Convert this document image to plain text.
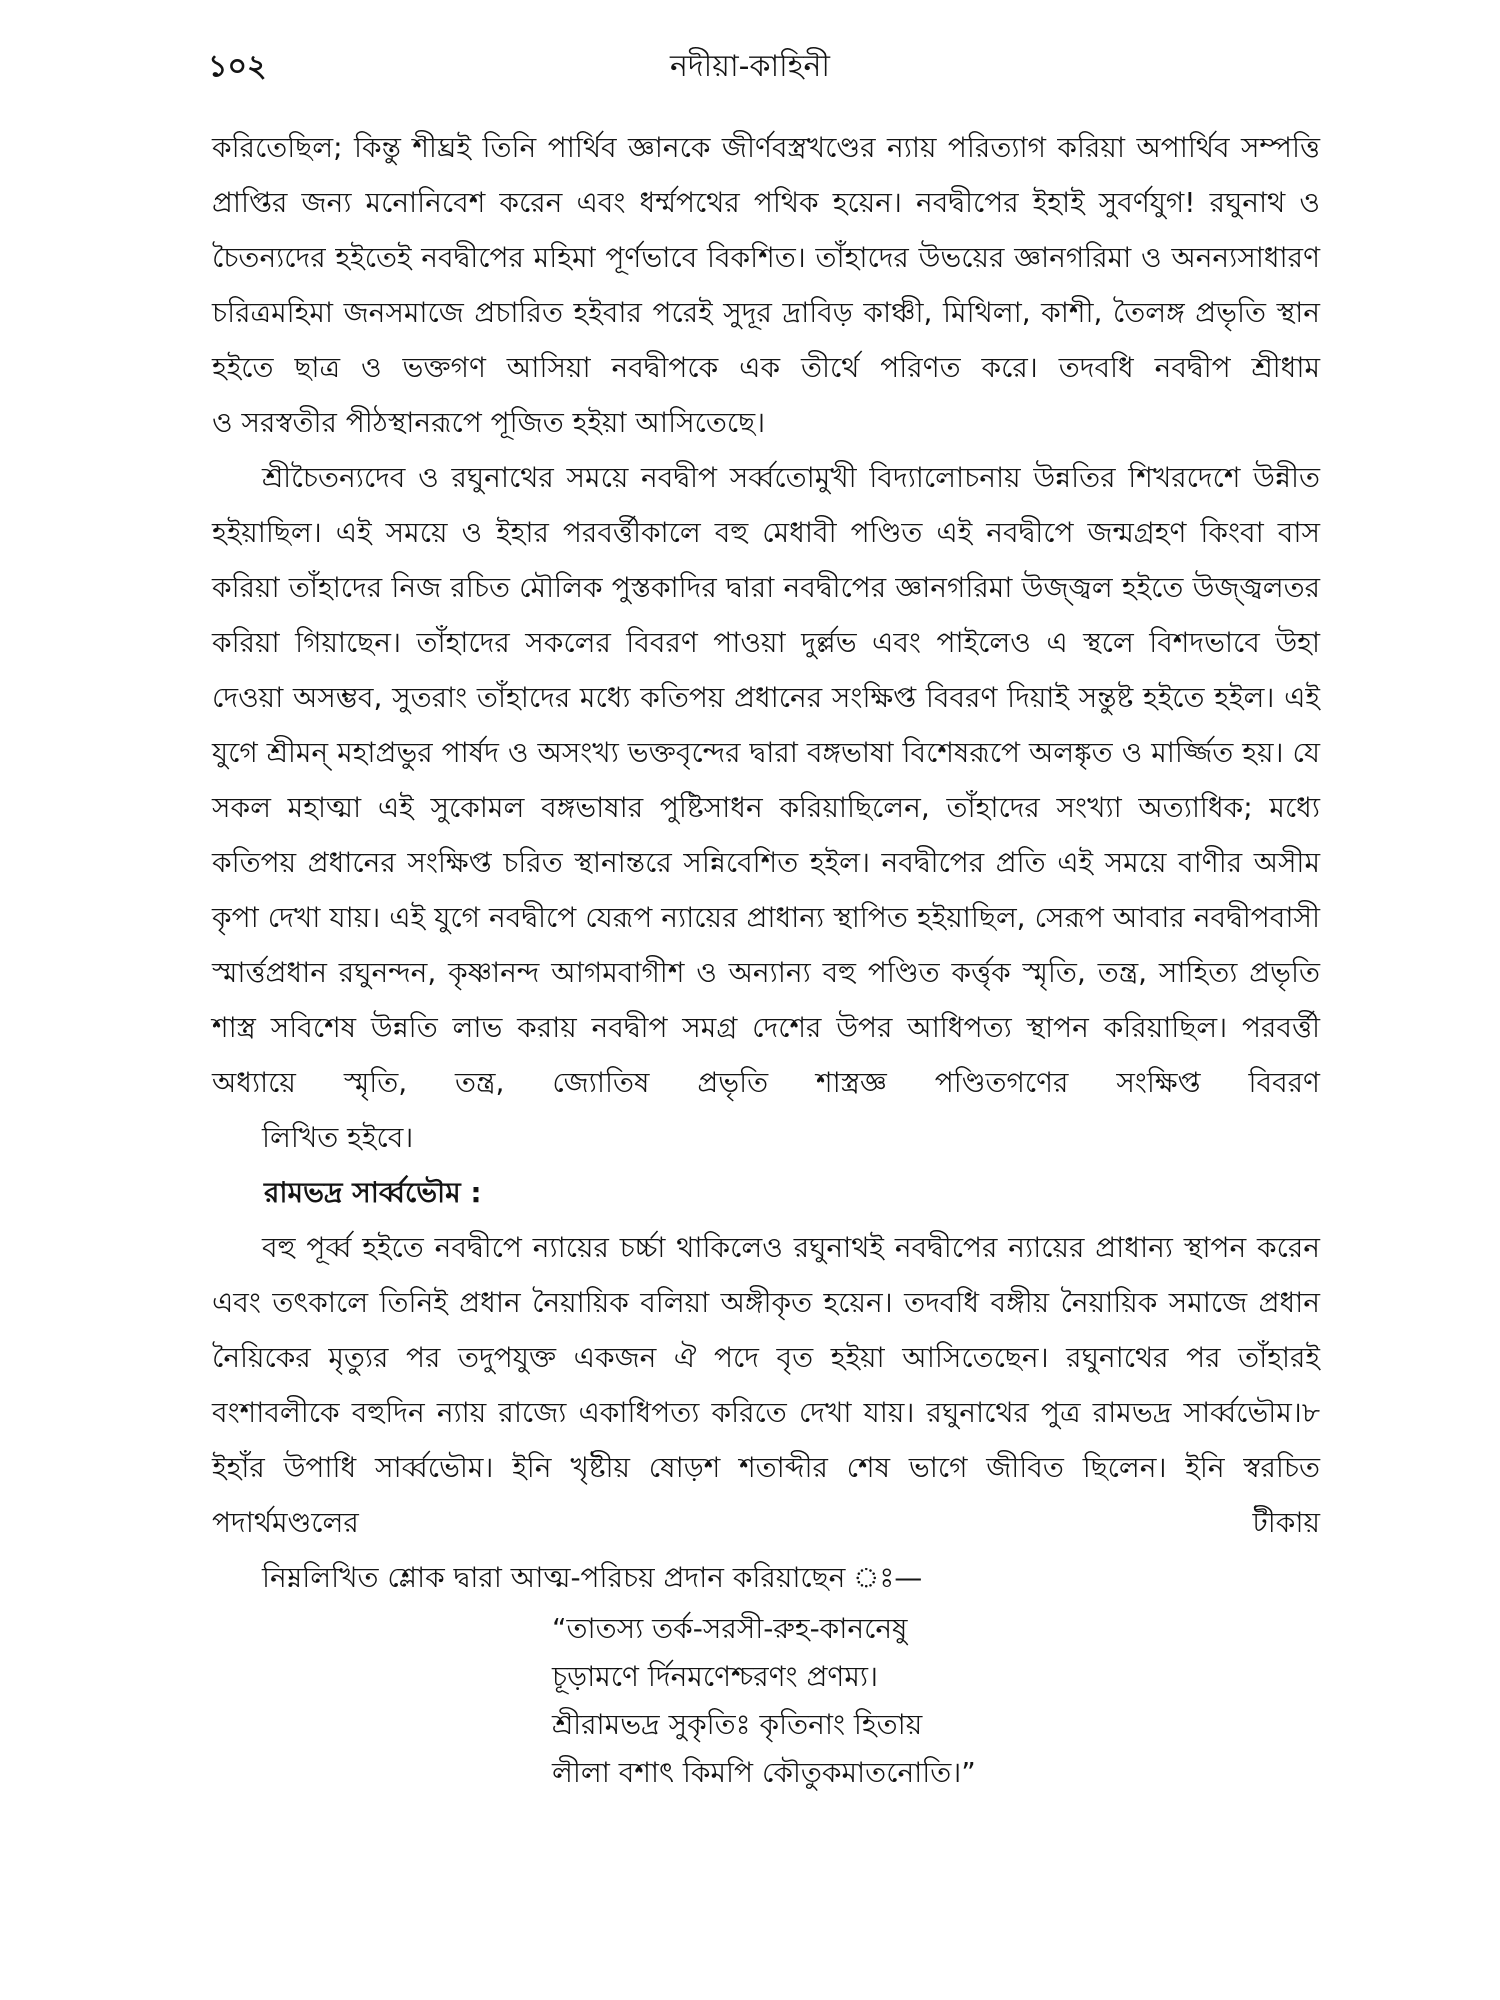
১০২	নদীয়া-কাহিনী

করিতেছিল; কিন্তু শীঘ্রই তিনি পার্থিব জ্ঞানকে জীর্ণবস্ত্রখণ্ডের ন্যায় পরিত্যাগ করিয়া অপার্থিব সম্পত্তি প্রাপ্তির জন্য মনোনিবেশ করেন এবং ধর্ম্মপথের পথিক হয়েন। নবদ্বীপের ইহাই সুবর্ণযুগ! রঘুনাথ ও চৈতন্যদের হইতেই নবদ্বীপের মহিমা পূর্ণভাবে বিকশিত। তাঁহাদের উভয়ের জ্ঞানগরিমা ও অনন্যসাধারণ চরিত্রমহিমা জনসমাজে প্রচারিত হইবার পরেই সুদূর দ্রাবিড় কাঞ্চী, মিথিলা, কাশী, তৈলঙ্গ প্রভৃতি স্থান হইতে ছাত্র ও ভক্তগণ আসিয়া নবদ্বীপকে এক তীর্থে পরিণত করে। তদবধি নবদ্বীপ শ্রীধাম
ও সরস্বতীর পীঠস্থানরূপে পূজিত হইয়া আসিতেছে।

শ্রীচৈতন্যদেব ও রঘুনাথের সময়ে নবদ্বীপ সর্ব্বতোমুখী বিদ্যালোচনায় উন্নতির শিখরদেশে উন্নীত হইয়াছিল। এই সময়ে ও ইহার পরবর্ত্তীকালে বহু মেধাবী পণ্ডিত এই নবদ্বীপে জন্মগ্রহণ কিংবা বাস করিয়া তাঁহাদের নিজ রচিত মৌলিক পুস্তকাদির দ্বারা নবদ্বীপের জ্ঞানগরিমা উজ্জ্বল হইতে উজ্জ্বলতর করিয়া গিয়াছেন। তাঁহাদের সকলের বিবরণ পাওয়া দুর্ল্লভ এবং পাইলেও এ স্থলে বিশদভাবে উহা দেওয়া অসম্ভব, সুতরাং তাঁহাদের মধ্যে কতিপয় প্রধানের সংক্ষিপ্ত বিবরণ দিয়াই সন্তুষ্ট হইতে হইল। এই যুগে শ্রীমন্ মহাপ্রভুর পার্ষদ ও অসংখ্য ভক্তবৃন্দের দ্বারা বঙ্গভাষা বিশেষরূপে অলঙ্কৃত ও মার্জ্জিত হয়। যে সকল মহাত্মা এই সুকোমল বঙ্গভাষার পুষ্টিসাধন করিয়াছিলেন, তাঁহাদের সংখ্যা অত্যাধিক; মধ্যে কতিপয় প্রধানের সংক্ষিপ্ত চরিত স্থানান্তরে সন্নিবেশিত হইল। নবদ্বীপের প্রতি এই সময়ে বাণীর অসীম কৃপা দেখা যায়। এই যুগে নবদ্বীপে যেরূপ ন্যায়ের প্রাধান্য স্থাপিত হইয়াছিল, সেরূপ আবার নবদ্বীপবাসী স্মার্ত্তপ্রধান রঘুনন্দন, কৃষ্ণানন্দ আগমবাগীশ ও অন্যান্য বহু পণ্ডিত কর্ত্তৃক স্মৃতি, তন্ত্র, সাহিত্য প্রভৃতি শাস্ত্র সবিশেষ উন্নতি লাভ করায় নবদ্বীপ সমগ্র দেশের উপর আধিপত্য স্থাপন করিয়াছিল। পরবর্ত্তী অধ্যায়ে স্মৃতি, তন্ত্র, জ্যোতিষ প্রভৃতি শাস্ত্রজ্ঞ পণ্ডিতগণের সংক্ষিপ্ত বিবরণ
লিখিত হইবে।

রামভদ্র সার্ব্বভৌম :

বহু পূর্ব্ব হইতে নবদ্বীপে ন্যায়ের চর্চ্চা থাকিলেও রঘুনাথই নবদ্বীপের ন্যায়ের প্রাধান্য স্থাপন করেন এবং তৎকালে তিনিই প্রধান নৈয়ায়িক বলিয়া অঙ্গীকৃত হয়েন। তদবধি বঙ্গীয় নৈয়ায়িক সমাজে প্রধান নৈয়িকের মৃত্যুর পর তদুপযুক্ত একজন ঐ পদে বৃত হইয়া আসিতেছেন। রঘুনাথের পর তাঁহারই বংশাবলীকে বহুদিন ন্যায় রাজ্যে একাধিপত্য করিতে দেখা যায়। রঘুনাথের পুত্র রামভদ্র সার্ব্বভৌম।৮ ইহাঁর উপাধি সার্ব্বভৌম। ইনি খৃষ্টীয় ষোড়শ শতাব্দীর শেষ ভাগে জীবিত ছিলেন। ইনি স্বরচিত পদার্থমণ্ডলের টীকায়
নিম্নলিখিত শ্লোক দ্বারা আত্ম-পরিচয় প্রদান করিয়াছেন ঃ—

“তাতস্য তর্ক-সরসী-রুহ-কাননেষু
চূড়ামণে র্দিনমণেশ্চরণং প্রণম্য।
শ্রীরামভদ্র সুকৃতিঃ কৃতিনাং হিতায়
লীলা বশাৎ কিমপি কৌতুকমাতনোতি।”
